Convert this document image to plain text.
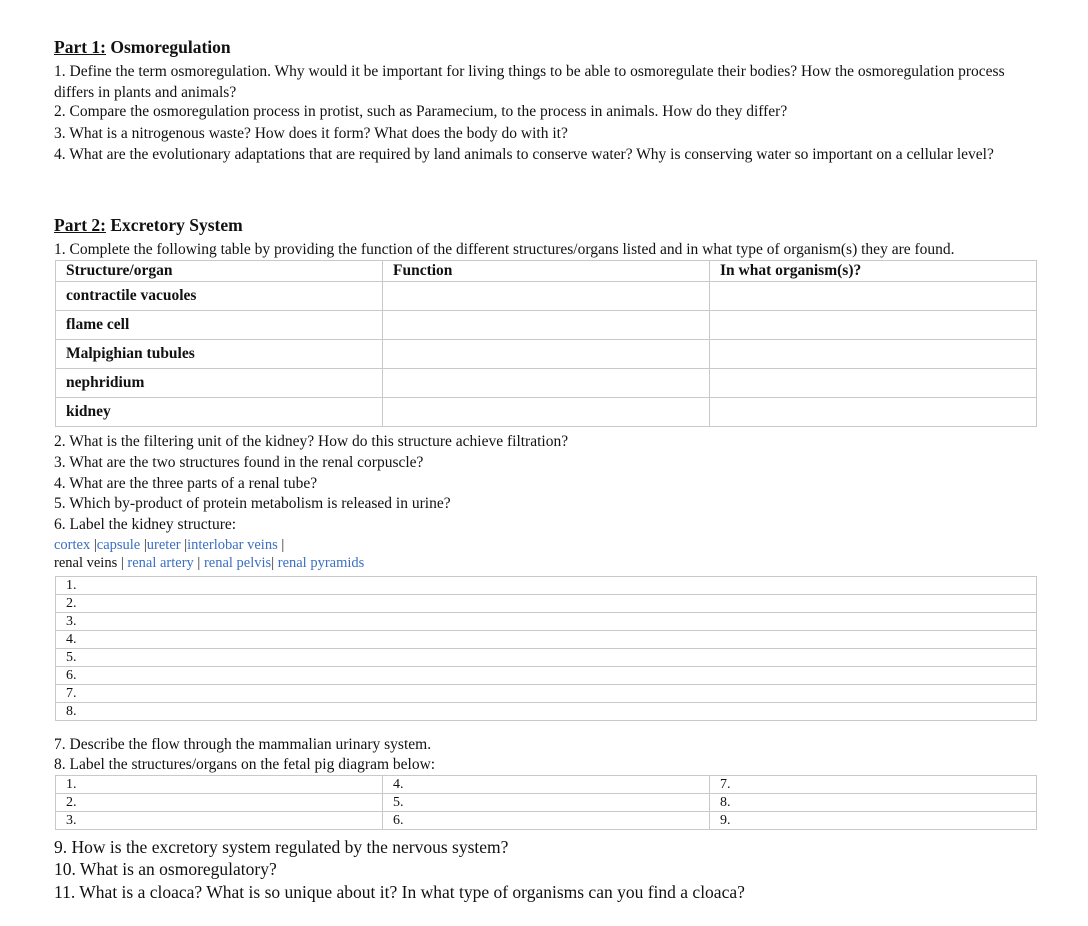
Part 1: Osmoregulation
1. Define the term osmoregulation. Why would it be important for living things to be able to osmoregulate their bodies? How the osmoregulation process differs in plants and animals?
2. Compare the osmoregulation process in protist, such as Paramecium, to the process in animals. How do they differ?
3. What is a nitrogenous waste? How does it form? What does the body do with it?
4. What are the evolutionary adaptations that are required by land animals to conserve water? Why is conserving water so important on a cellular level?
Part 2: Excretory System
1. Complete the following table by providing the function of the different structures/organs listed and in what type of organism(s) they are found.
Structure/organ	Function	In what organism(s)?
contractile vacuoles		
flame cell		
Malpighian tubules		
nephridium		
kidney		
2. What is the filtering unit of the kidney? How do this structure achieve filtration?
3. What are the two structures found in the renal corpuscle?
4. What are the three parts of a renal tube?
5. Which by-product of protein metabolism is released in urine?
6. Label the kidney structure:
cortex |capsule |ureter |interlobar veins |
renal veins | renal artery | renal pelvis| renal pyramids
1.
2.
3.
4.
5.
6.
7.
8.
7. Describe the flow through the mammalian urinary system.
8. Label the structures/organs on the fetal pig diagram below:
1.	4.	7.
2.	5.	8.
3.	6.	9.
9. How is the excretory system regulated by the nervous system?
10. What is an osmoregulatory?
11. What is a cloaca? What is so unique about it? In what type of organisms can you find a cloaca?
